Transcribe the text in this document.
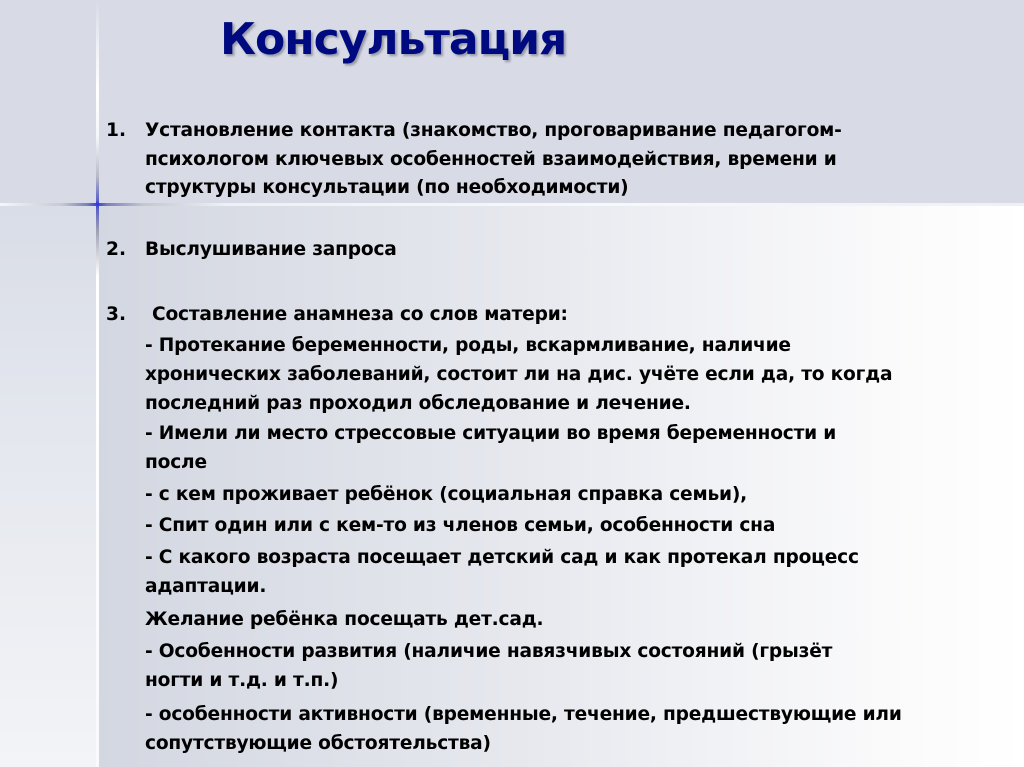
Консультация

1. Установление контакта (знакомство, проговаривание педагогом-

психологом ключевых особенностей взаимодействия, времени и

структуры консультации (по необходимости)

2. Выслушивание запроса

3. Составление анамнеза со слов матери:

- Протекание беременности, роды, вскармливание, наличие

хронических заболеваний, состоит ли на дис. учёте если да, то когда

последний раз проходил обследование и лечение.

- Имели ли место стрессовые ситуации во время беременности и

после

- с кем проживает ребёнок (социальная справка семьи),

- Спит один или с кем-то из членов семьи, особенности сна

- С какого возраста посещает детский сад и как протекал процесс

адаптации.

Желание ребёнка посещать дет.сад.

- Особенности развития (наличие навязчивых состояний (грызёт

ногти и т.д. и т.п.)

- особенности активности (временные, течение, предшествующие или

сопутствующие обстоятельства)
